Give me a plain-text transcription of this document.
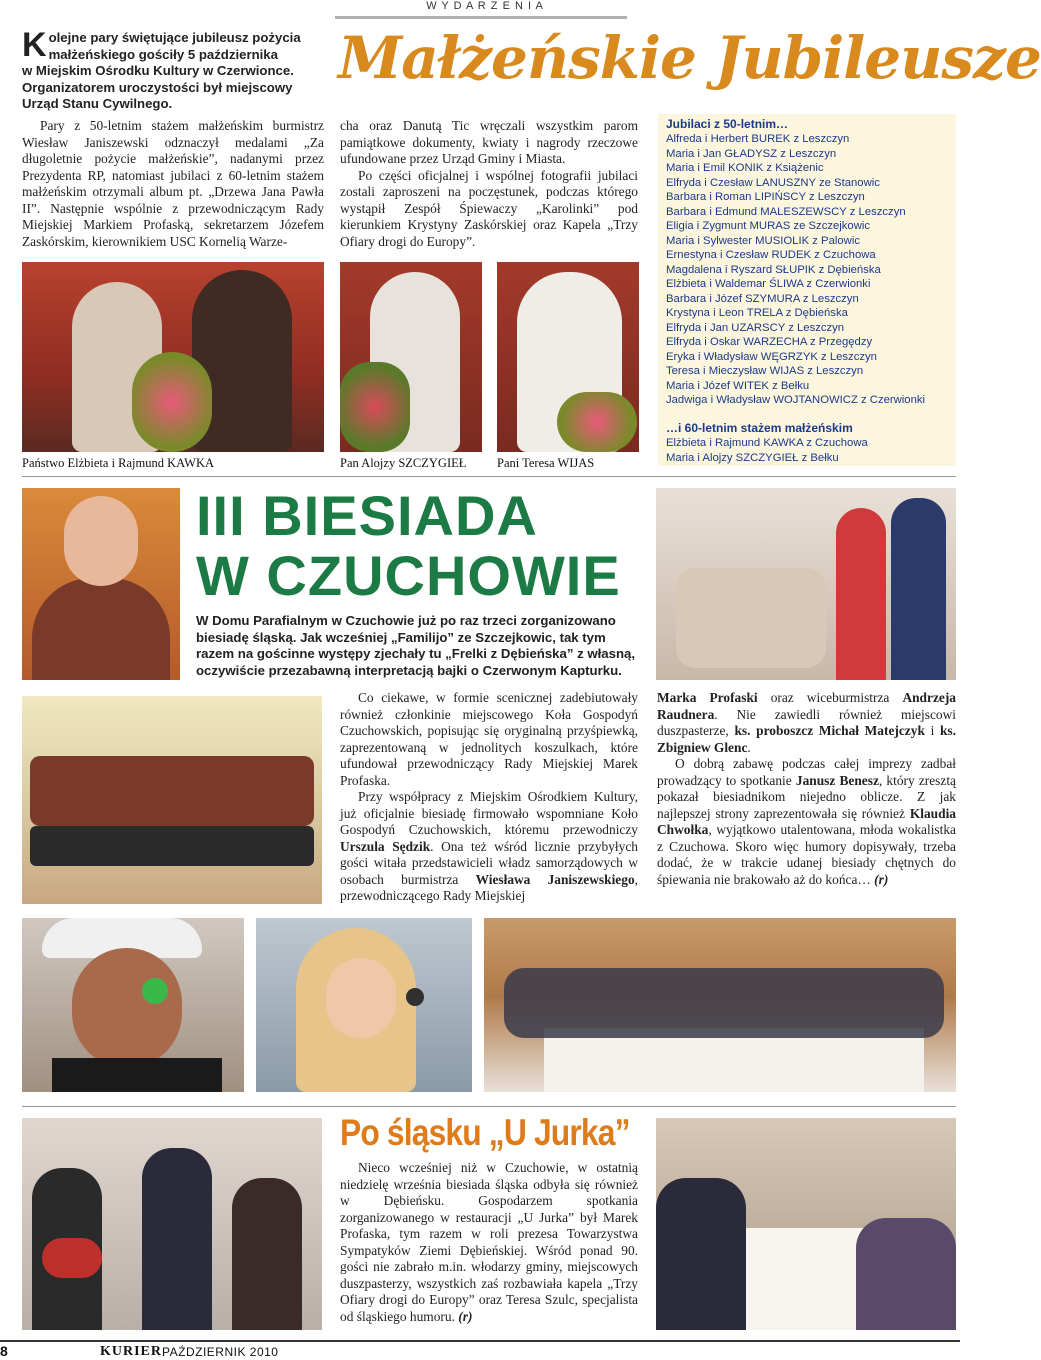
W Y D A R Z E N I A
Małżeńskie Jubileusze
K olejne pary świętujące jubileusz pożycia
małżeńskiego gościły 5 października
w Miejskim Ośrodku Kultury w Czerwionce.
Organizatorem uroczystości był miejscowy
Urząd Stanu Cywilnego.

Pary z 50-letnim stażem małżeńskim burmistrz Wiesław Janiszewski odznaczył medalami „Za długoletnie pożycie małżeńskie”, nadanymi przez Prezydenta RP, natomiast jubilaci z 60-letnim stażem małżeńskim otrzymali album pt. „Drzewa Jana Pawła II”. Następnie wspólnie z przewodniczącym Rady Miejskiej Markiem Profaską, sekretarzem Józefem Zaskórskim, kierownikiem USC Kornelią Warze-

cha oraz Danutą Tic wręczali wszystkim parom pamiątkowe dokumenty, kwiaty i nagrody rzeczowe ufundowane przez Urząd Gminy i Miasta.

Po części oficjalnej i wspólnej fotografii jubilaci zostali zaproszeni na poczęstunek, podczas którego wystąpił Zespół Śpiewaczy „Karolinki” pod kierunkiem Krystyny Zaskórskiej oraz Kapela „Trzy Ofiary drogi do Europy”.

Jubilaci z 50-letnim…
Alfreda i Herbert BUREK z Leszczyn
Maria i Jan GŁADYSZ z Leszczyn
Maria i Emil KONIK z Książenic
Elfryda i Czesław LANUSZNY ze Stanowic
Barbara i Roman LIPIŃSCY z Leszczyn
Barbara i Edmund MALESZEWSCY z Leszczyn
Eligia i Zygmunt MURAS ze Szczejkowic
Maria i Sylwester MUSIOLIK z Palowic
Ernestyna i Czesław RUDEK z Czuchowa
Magdalena i Ryszard SŁUPIK z Dębieńska
Elżbieta i Waldemar ŚLIWA z Czerwionki
Barbara i Józef SZYMURA z Leszczyn
Krystyna i Leon TRELA z Dębieńska
Elfryda i Jan UZARSCY z Leszczyn
Elfryda i Oskar WARZECHA z Przegędzy
Eryka i Władysław WĘGRZYK z Leszczyn
Teresa i Mieczysław WIJAS z Leszczyn
Maria i Józef WITEK z Bełku
Jadwiga i Władysław WOJTANOWICZ z Czerwionki
…i 60-letnim stażem małżeńskim
Elżbieta i Rajmund KAWKA z Czuchowa
Maria i Alojzy SZCZYGIEŁ z Bełku
Państwo Elżbieta i Rajmund KAWKA	Pan Alojzy SZCZYGIEŁ Pani Teresa WIJAS
III BIESIADA
W CZUCHOWIE
W Domu Parafialnym w Czuchowie już po raz trzeci zorganizowano biesiadę śląską. Jak wcześniej „Familijo” ze Szczejkowic, tak tym razem na gościnne występy zjechały tu „Frelki z Dębieńska” z własną, oczywiście przezabawną interpretacją bajki o Czerwonym Kapturku.

Co ciekawe, w formie scenicznej zadebiutowały również członkinie miejscowego Koła Gospodyń Czuchowskich, popisując się oryginalną przyśpiewką, zaprezentowaną w jednolitych koszulkach, które ufundował przewodniczący Rady Miejskiej Marek Profaska.

Przy współpracy z Miejskim Ośrodkiem Kultury, już oficjalnie biesiadę firmowało wspomniane Koło Gospodyń Czuchowskich, któremu przewodniczy Urszula Sędzik. Ona też wśród licznie przybyłych gości witała przedstawicieli władz samorządowych w osobach burmistrza Wiesława Janiszewskiego, przewodniczącego Rady Miejskiej

Marka Profaski oraz wiceburmistrza Andrzeja Raudnera. Nie zawiedli również miejscowi duszpasterze, ks. proboszcz Michał Matejczyk i ks. Zbigniew Glenc.

O dobrą zabawę podczas całej imprezy zadbał prowadzący to spotkanie Janusz Benesz, który zresztą pokazał biesiadnikom niejedno oblicze. Z jak najlepszej strony zaprezentowała się również Klaudia Chwołka, wyjątkowo utalentowana, młoda wokalistka z Czuchowa. Skoro więc humory dopisywały, trzeba dodać, że w trakcie udanej biesiady chętnych do śpiewania nie brakowało aż do końca… (r)

Po śląsku „U Jurka”

Nieco wcześniej niż w Czuchowie, w ostatnią niedzielę września biesiada śląska odbyła się również w Dębieńsku. Gospodarzem spotkania zorganizowanego w restauracji „U Jurka” był Marek Profaska, tym razem w roli prezesa Towarzystwa Sympatyków Ziemi Dębieńskiej. Wśród ponad 90. gości nie zabrało m.in. włodarzy gminy, miejscowych duszpasterzy, wszystkich zaś rozbawiała kapela „Trzy Ofiary drogi do Europy” oraz Teresa Szulc, specjalista od śląskiego humoru. (r)

8	KURIER PAŹDZIERNIK 2010
